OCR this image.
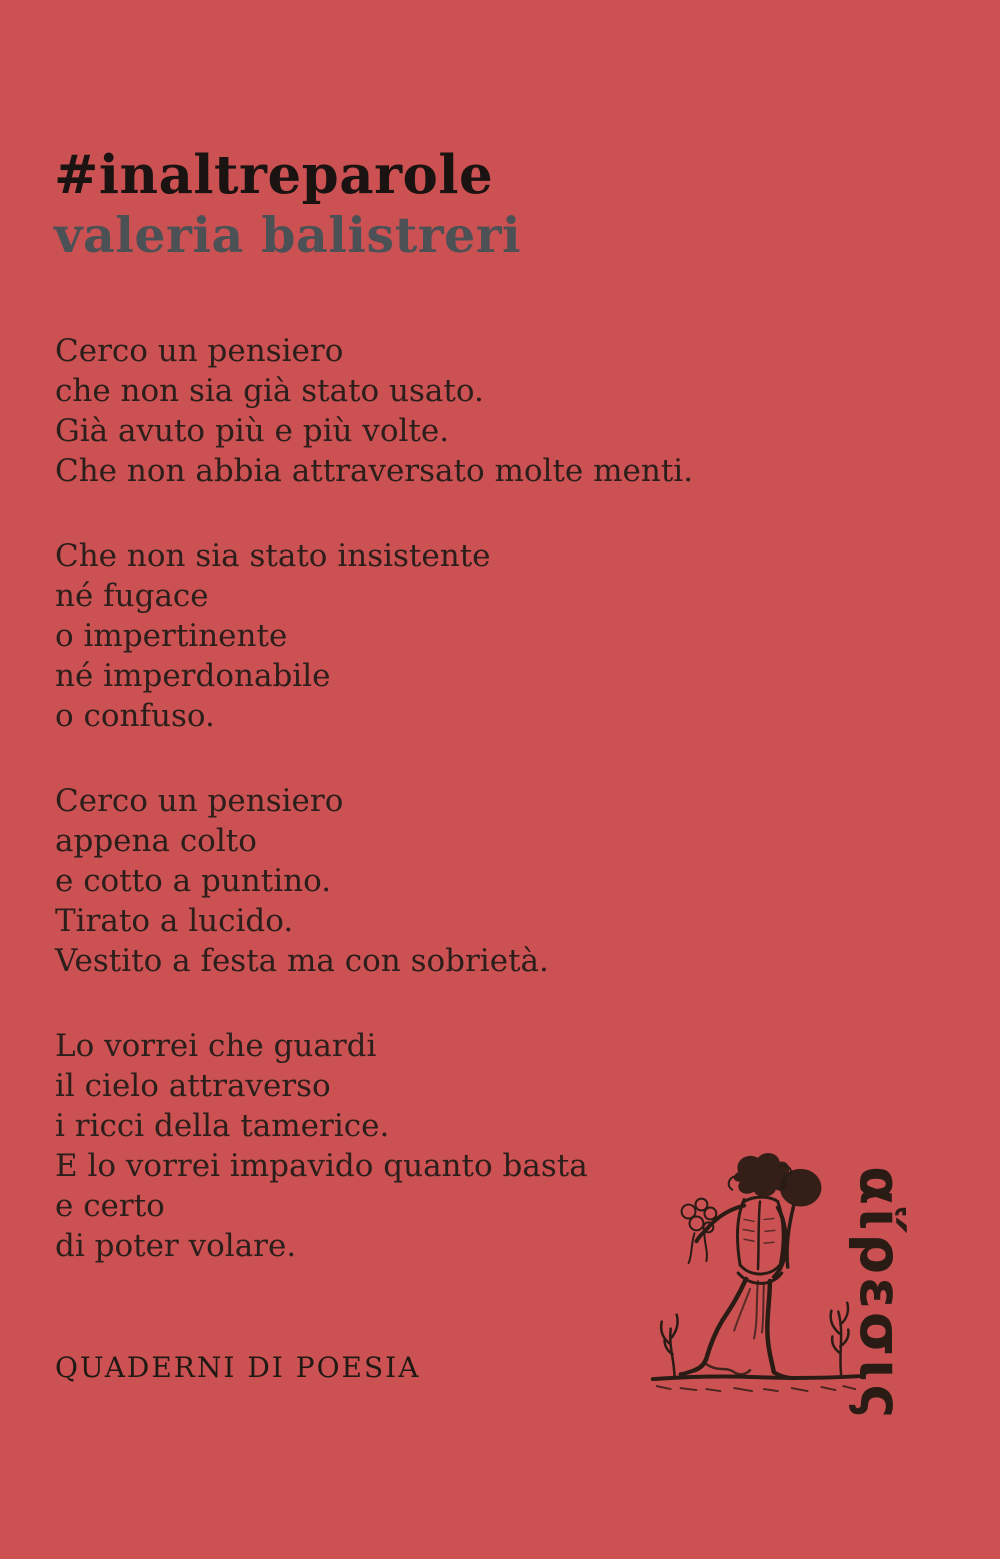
#inaltreparole
valeria balistreri
Cerco un pensiero
che non sia già stato usato.
Già avuto più e più volte.
Che non abbia attraversato molte menti.
Che non sia stato insistente
né fugace
o impertinente
né imperdonabile
o confuso.
Cerco un pensiero
appena colto
e cotto a puntino.
Tirato a lucido.
Vestito a festa ma con sobrietà.
Lo vorrei che guardi
il cielo attraverso
i ricci della tamerice.
E lo vorrei impavido quanto basta
e certo
di poter volare.
QUADERNI DI POESIA	αἵρεσις
